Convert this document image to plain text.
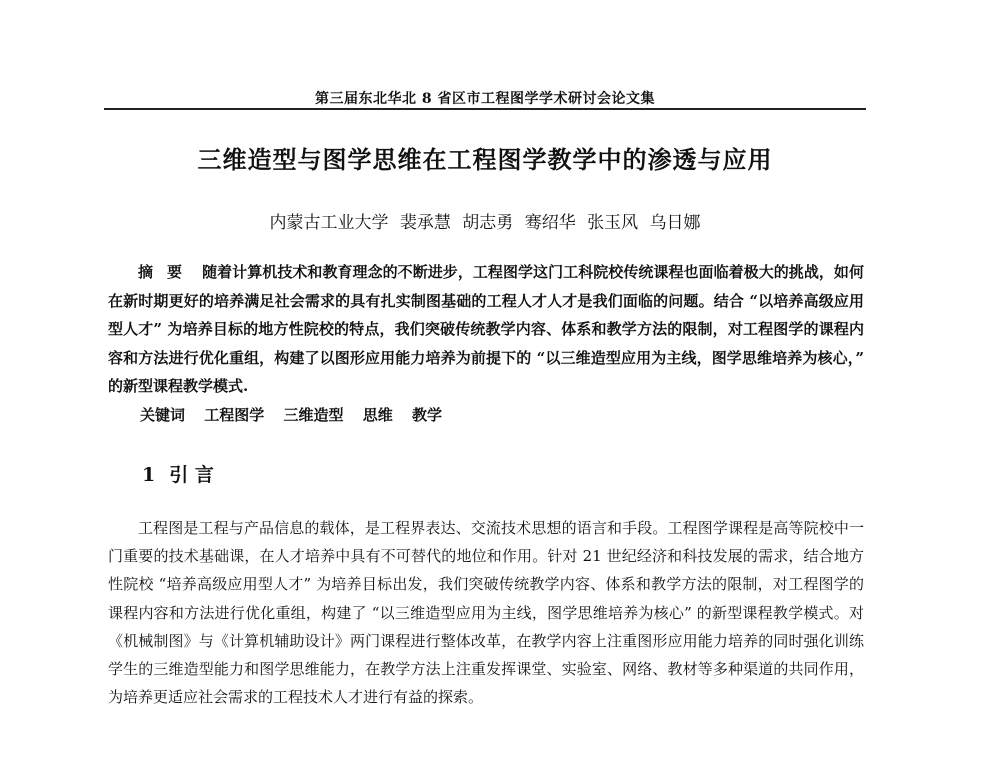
第三届东北华北 8 省区市工程图学学术研讨会论文集
三维造型与图学思维在工程图学教学中的渗透与应用
内蒙古工业大学 裴承慧 胡志勇 骞绍华 张玉风 乌日娜

摘要 随着计算机技术和教育理念的不断进步，工程图学这门工科院校传统课程也面临着极大的挑战，如何在新时期更好的培养满足社会需求的具有扎实制图基础的工程人才人才是我们面临的问题。结合 “以培养高级应用型人才” 为培养目标的地方性院校的特点，我们突破传统教学内容、体系和教学方法的限制，对工程图学的课程内容和方法进行优化重组，构建了以图形应用能力培养为前提下的 “以三维造型应用为主线，图学思维培养为核心，” 的新型课程教学模式.

关键词 工程图学 三维造型 思维 教学
1 引 言

工程图是工程与产品信息的载体，是工程界表达、交流技术思想的语言和手段。工程图学课程是高等院校中一门重要的技术基础课，在人才培养中具有不可替代的地位和作用。针对 21 世纪经济和科技发展的需求，结合地方性院校 “培养高级应用型人才” 为培养目标出发，我们突破传统教学内容、体系和教学方法的限制，对工程图学的课程内容和方法进行优化重组，构建了 “以三维造型应用为主线，图学思维培养为核心” 的新型课程教学模式。对《机械制图》与《计算机辅助设计》两门课程进行整体改革，在教学内容上注重图形应用能力培养的同时强化训练学生的三维造型能力和图学思维能力，在教学方法上注重发挥课堂、实验室、网络、教材等多种渠道的共同作用，为培养更适应社会需求的工程技术人才进行有益的探索。
